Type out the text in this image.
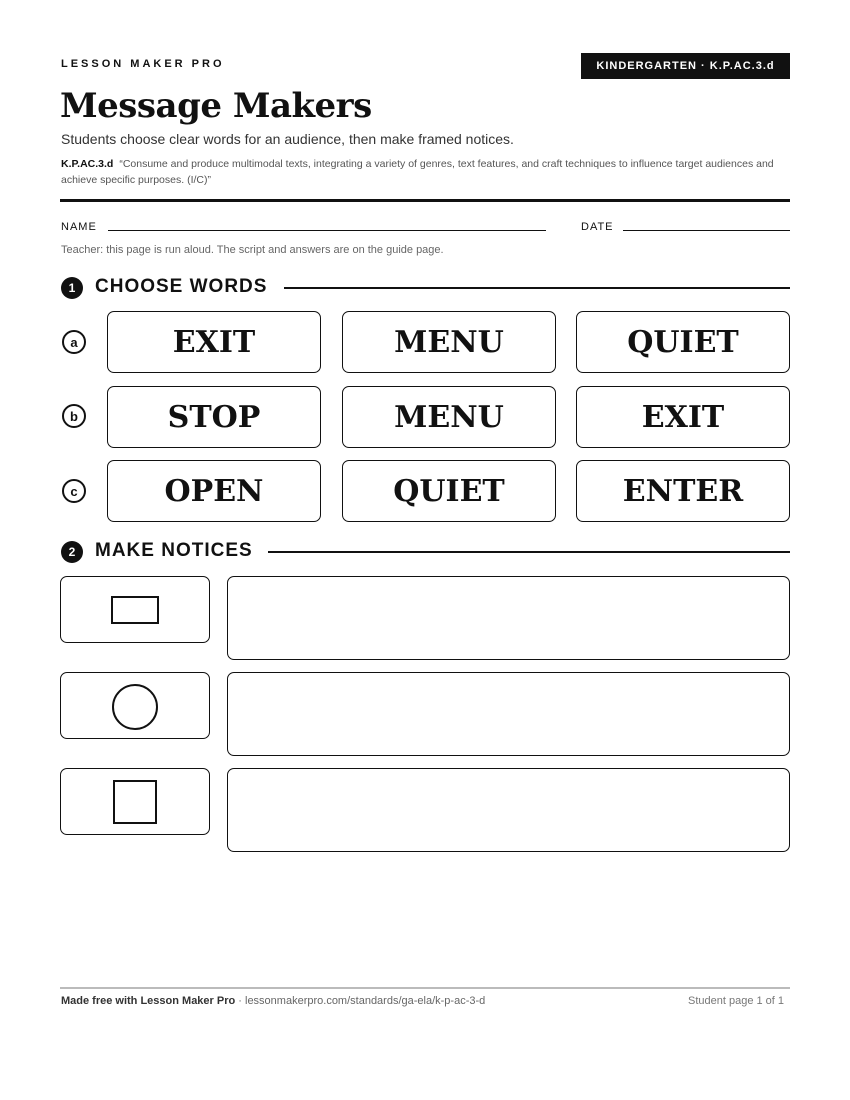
LESSON MAKER PRO	KINDERGARTEN · K.P.AC.3.d
Message Makers
Students choose clear words for an audience, then make framed notices.
K.P.AC.3.d “Consume and produce multimodal texts, integrating a variety of genres, text features, and craft techniques to influence target audiences and achieve specific purposes. (I/C)”
NAME	DATE
Teacher: this page is run aloud. The script and answers are on the guide page.
1	CHOOSE WORDS
a	EXIT	MENU	QUIET
b	STOP	MENU	EXIT
c	OPEN	QUIET	ENTER
2	MAKE NOTICES
Made free with Lesson Maker Pro · lessonmakerpro.com/standards/ga-ela/k-p-ac-3-d	Student page 1 of 1
